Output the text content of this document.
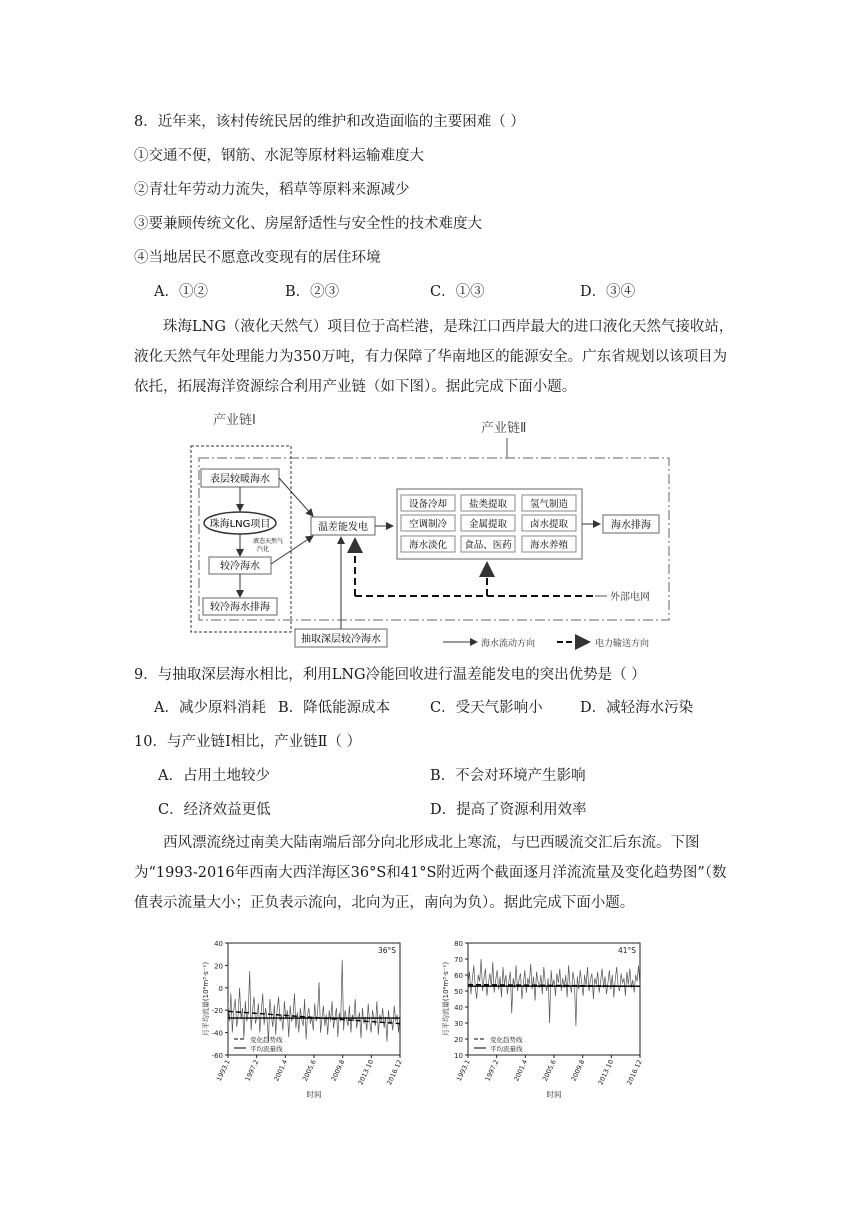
8．近年来，该村传统民居的维护和改造面临的主要困难（ ）
①交通不便，钢筋、水泥等原材料运输难度大
②青壮年劳动力流失，稻草等原料来源减少
③要兼顾传统文化、房屋舒适性与安全性的技术难度大
④当地居民不愿意改变现有的居住环境
A．①②	B．②③	C．①③	D．③④
珠海LNG（液化天然气）项目位于高栏港，是珠江口西岸最大的进口液化天然气接收站，液化天然气年处理能力为350万吨，有力保障了华南地区的能源安全。广东省规划以该项目为依托，拓展海洋资源综合利用产业链（如下图）。据此完成下面小题。
产业链Ⅰ
产业链Ⅱ
表层较暖海水
珠海LNG项目
液态天然气
汽化
较冷海水
较冷海水排海
温差能发电
抽取深层较冷海水
设备冷却 盐类提取 氢气制造
空调制冷 金属提取 卤水提取
海水淡化 食品、医药 海水养殖
海水排海
外部电网
海水流动方向	电力输送方向
9．与抽取深层海水相比，利用LNG冷能回收进行温差能发电的突出优势是（ ）
A．减少原料消耗 B．降低能源成本	C．受天气影响小	D．减轻海水污染
10．与产业链Ⅰ相比，产业链Ⅱ（ ）
A．占用土地较少	B．不会对环境产生影响
C．经济效益更低	D．提高了资源利用效率
西风漂流绕过南美大陆南端后部分向北形成北上寒流，与巴西暖流交汇后东流。下图为“1993-2016年西南大西洋海区36°S和41°S附近两个截面逐月洋流流量及变化趋势图”（数值表示流量大小；正负表示流向，北向为正，南向为负）。据此完成下面小题。
-60
-40
-20
0
20
40
1993.1 1997.2 2001.4 2005.6 2009.8 2013.10 2016.12
36°S
变化趋势线
平均流量线
时间
月平均流量(10⁶m³·s⁻¹)
10
20
30
40
50
60
70
80
1993.1 1997.2 2001.4 2005.6 2009.8 2013.10 2016.12
41°S
变化趋势线
平均流量线
时间
月平均流量(10⁶m³·s⁻¹)
